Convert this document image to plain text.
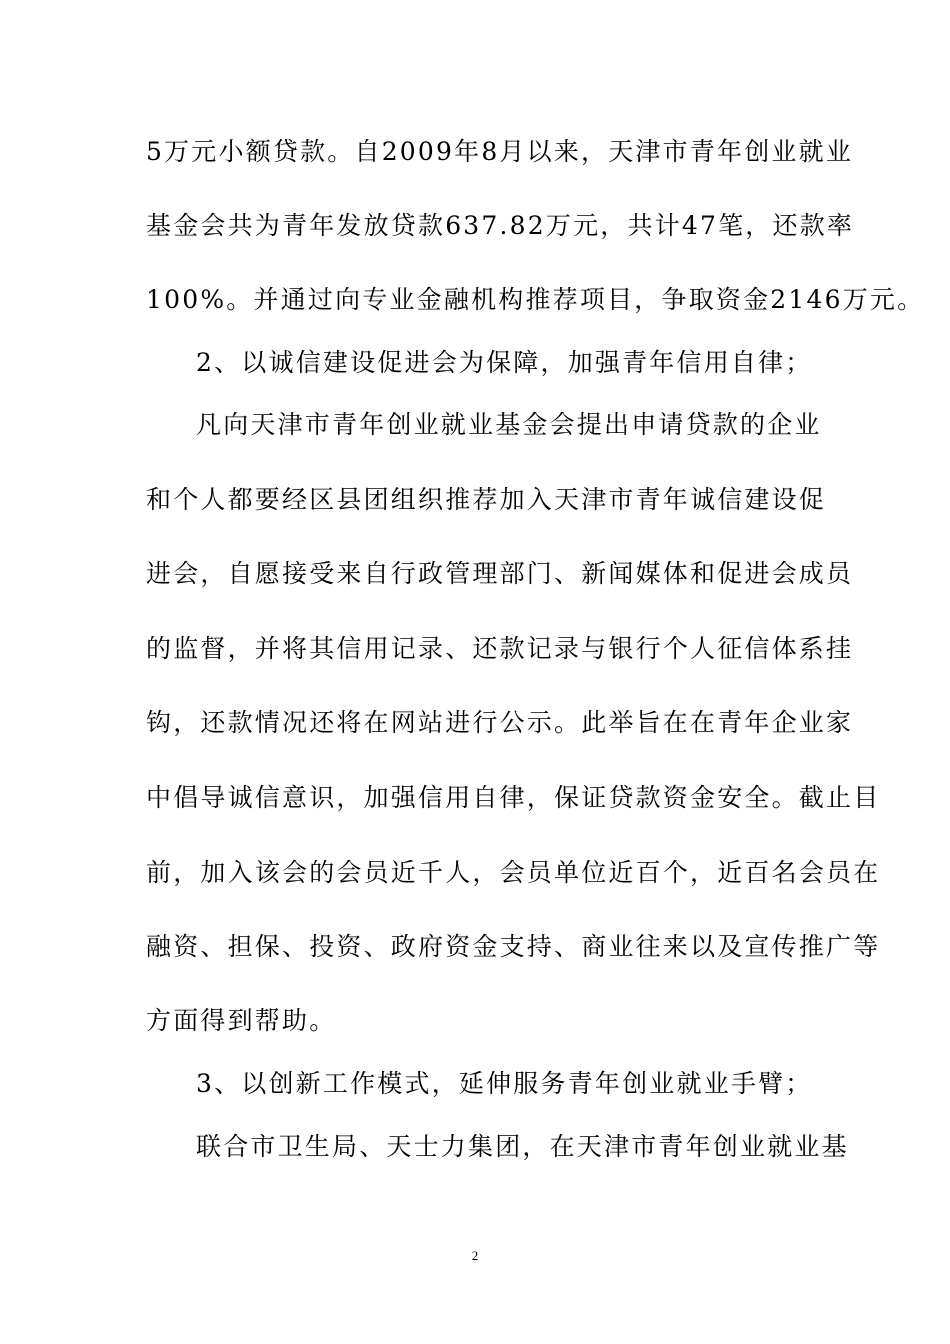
5万元小额贷款。自2009年8月以来，天津市青年创业就业
基金会共为青年发放贷款637.82万元，共计47笔，还款率
100%。并通过向专业金融机构推荐项目，争取资金2146万元。
2、以诚信建设促进会为保障，加强青年信用自律；
凡向天津市青年创业就业基金会提出申请贷款的企业
和个人都要经区县团组织推荐加入天津市青年诚信建设促
进会，自愿接受来自行政管理部门、新闻媒体和促进会成员
的监督，并将其信用记录、还款记录与银行个人征信体系挂
钩，还款情况还将在网站进行公示。此举旨在在青年企业家
中倡导诚信意识，加强信用自律，保证贷款资金安全。截止目
前，加入该会的会员近千人，会员单位近百个，近百名会员在
融资、担保、投资、政府资金支持、商业往来以及宣传推广等
方面得到帮助。
3、以创新工作模式，延伸服务青年创业就业手臂；
联合市卫生局、天士力集团，在天津市青年创业就业基
2
